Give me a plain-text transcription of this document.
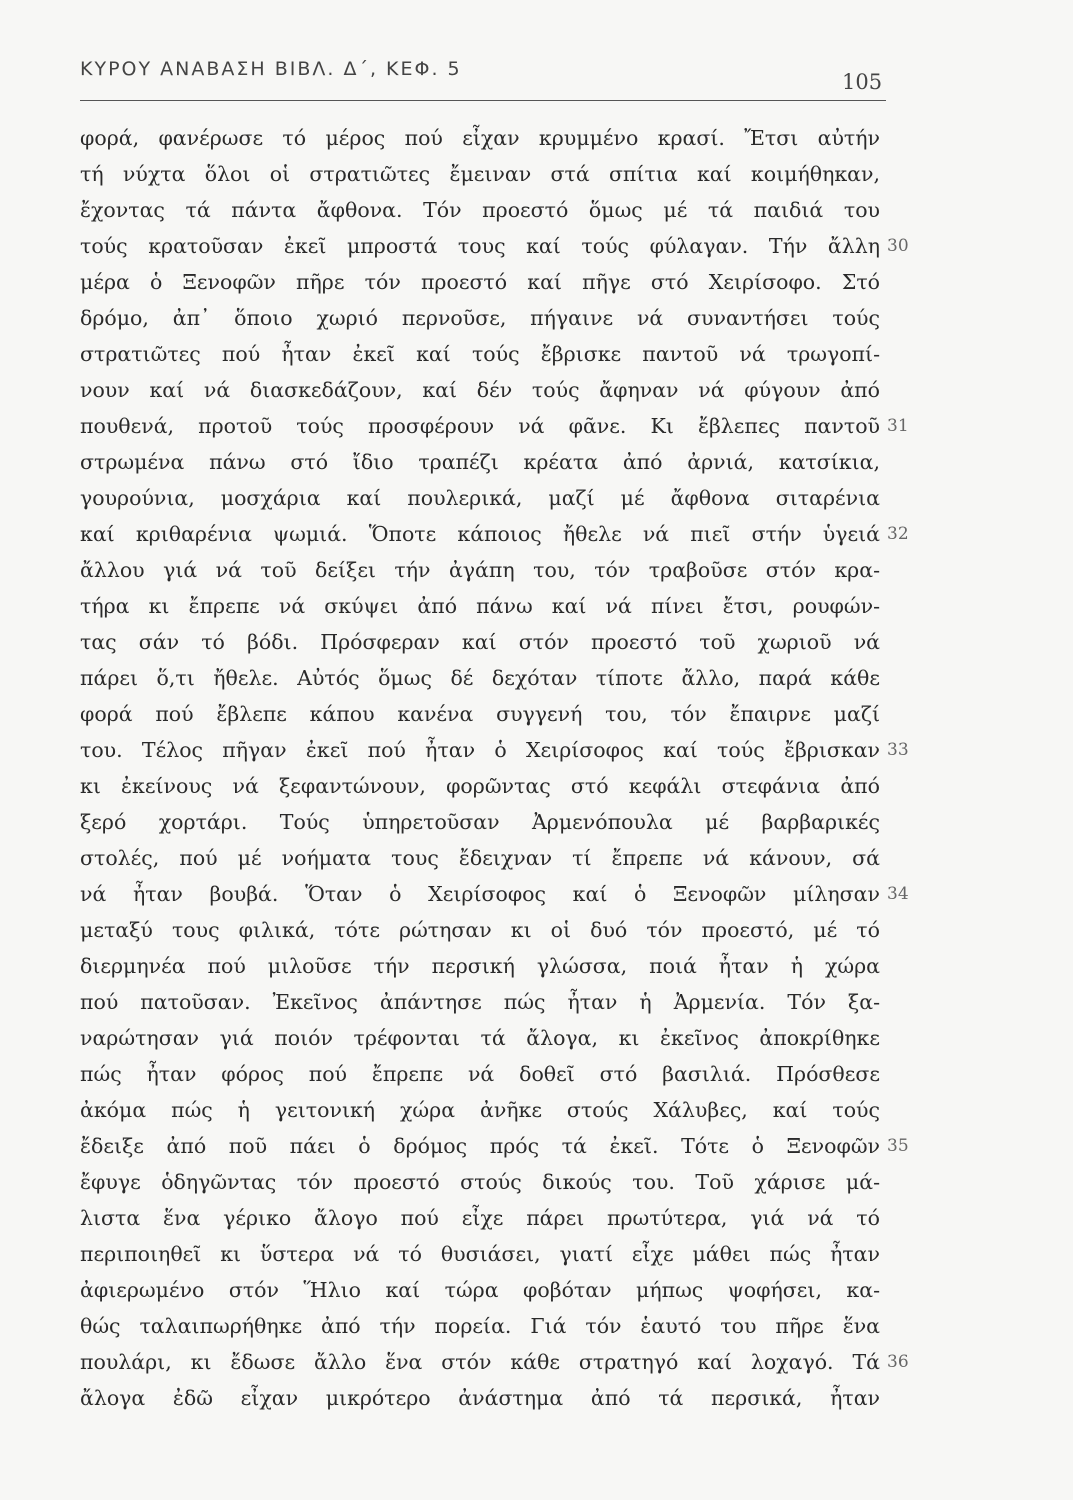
ΚΥΡΟΥ ΑΝΑΒΑΣΗ ΒΙΒΛ. Δ΄, ΚΕΦ. 5
105
φορά, φανέρωσε τό μέρος πού εἶχαν κρυμμένο κρασί. Ἔτσι αὐτήν
τή νύχτα ὅλοι οἱ στρατιῶτες ἔμειναν στά σπίτια καί κοιμήθηκαν,
ἔχοντας τά πάντα ἄφθονα. Τόν προεστό ὅμως μέ τά παιδιά του
τούς κρατοῦσαν ἐκεῖ μπροστά τους καί τούς φύλαγαν. Τήν ἄλλη
μέρα ὁ Ξενοφῶν πῆρε τόν προεστό καί πῆγε στό Χειρίσοφο. Στό
δρόμο, ἀπ᾿ ὅποιο χωριό περνοῦσε, πήγαινε νά συναντήσει τούς
στρατιῶτες πού ἦταν ἐκεῖ καί τούς ἔβρισκε παντοῦ νά τρωγοπί-
νουν καί νά διασκεδάζουν, καί δέν τούς ἄφηναν νά φύγουν ἀπό
πουθενά, προτοῦ τούς προσφέρουν νά φᾶνε. Κι ἔβλεπες παντοῦ
στρωμένα πάνω στό ἴδιο τραπέζι κρέατα ἀπό ἀρνιά, κατσίκια,
γουρούνια, μοσχάρια καί πουλερικά, μαζί μέ ἄφθονα σιταρένια
καί κριθαρένια ψωμιά. Ὅποτε κάποιος ἤθελε νά πιεῖ στήν ὑγειά
ἄλλου γιά νά τοῦ δείξει τήν ἀγάπη του, τόν τραβοῦσε στόν κρα-
τήρα κι ἔπρεπε νά σκύψει ἀπό πάνω καί νά πίνει ἔτσι, ρουφών-
τας σάν τό βόδι. Πρόσφεραν καί στόν προεστό τοῦ χωριοῦ νά
πάρει ὅ,τι ἤθελε. Αὐτός ὅμως δέ δεχόταν τίποτε ἄλλο, παρά κάθε
φορά πού ἔβλεπε κάπου κανένα συγγενή του, τόν ἔπαιρνε μαζί
του. Τέλος πῆγαν ἐκεῖ πού ἦταν ὁ Χειρίσοφος καί τούς ἔβρισκαν
κι ἐκείνους νά ξεφαντώνουν, φορῶντας στό κεφάλι στεφάνια ἀπό
ξερό χορτάρι. Τούς ὑπηρετοῦσαν Ἀρμενόπουλα μέ βαρβαρικές
στολές, πού μέ νοήματα τους ἔδειχναν τί ἔπρεπε νά κάνουν, σά
νά ἦταν βουβά. Ὅταν ὁ Χειρίσοφος καί ὁ Ξενοφῶν μίλησαν
μεταξύ τους φιλικά, τότε ρώτησαν κι οἱ δυό τόν προεστό, μέ τό
διερμηνέα πού μιλοῦσε τήν περσική γλώσσα, ποιά ἦταν ἡ χώρα
πού πατοῦσαν. Ἐκεῖνος ἀπάντησε πώς ἦταν ἡ Ἀρμενία. Τόν ξα-
ναρώτησαν γιά ποιόν τρέφονται τά ἄλογα, κι ἐκεῖνος ἀποκρίθηκε
πώς ἦταν φόρος πού ἔπρεπε νά δοθεῖ στό βασιλιά. Πρόσθεσε
ἀκόμα πώς ἡ γειτονική χώρα ἀνῆκε στούς Χάλυβες, καί τούς
ἔδειξε ἀπό ποῦ πάει ὁ δρόμος πρός τά ἐκεῖ. Τότε ὁ Ξενοφῶν
ἔφυγε ὁδηγῶντας τόν προεστό στούς δικούς του. Τοῦ χάρισε μά-
λιστα ἕνα γέρικο ἄλογο πού εἶχε πάρει πρωτύτερα, γιά νά τό
περιποιηθεῖ κι ὕστερα νά τό θυσιάσει, γιατί εἶχε μάθει πώς ἦταν
ἀφιερωμένο στόν Ἥλιο καί τώρα φοβόταν μήπως ψοφήσει, κα-
θώς ταλαιπωρήθηκε ἀπό τήν πορεία. Γιά τόν ἑαυτό του πῆρε ἕνα
πουλάρι, κι ἔδωσε ἄλλο ἕνα στόν κάθε στρατηγό καί λοχαγό. Τά
ἄλογα ἐδῶ εἶχαν μικρότερο ἀνάστημα ἀπό τά περσικά, ἦταν
30
31
32
33
34
35
36
